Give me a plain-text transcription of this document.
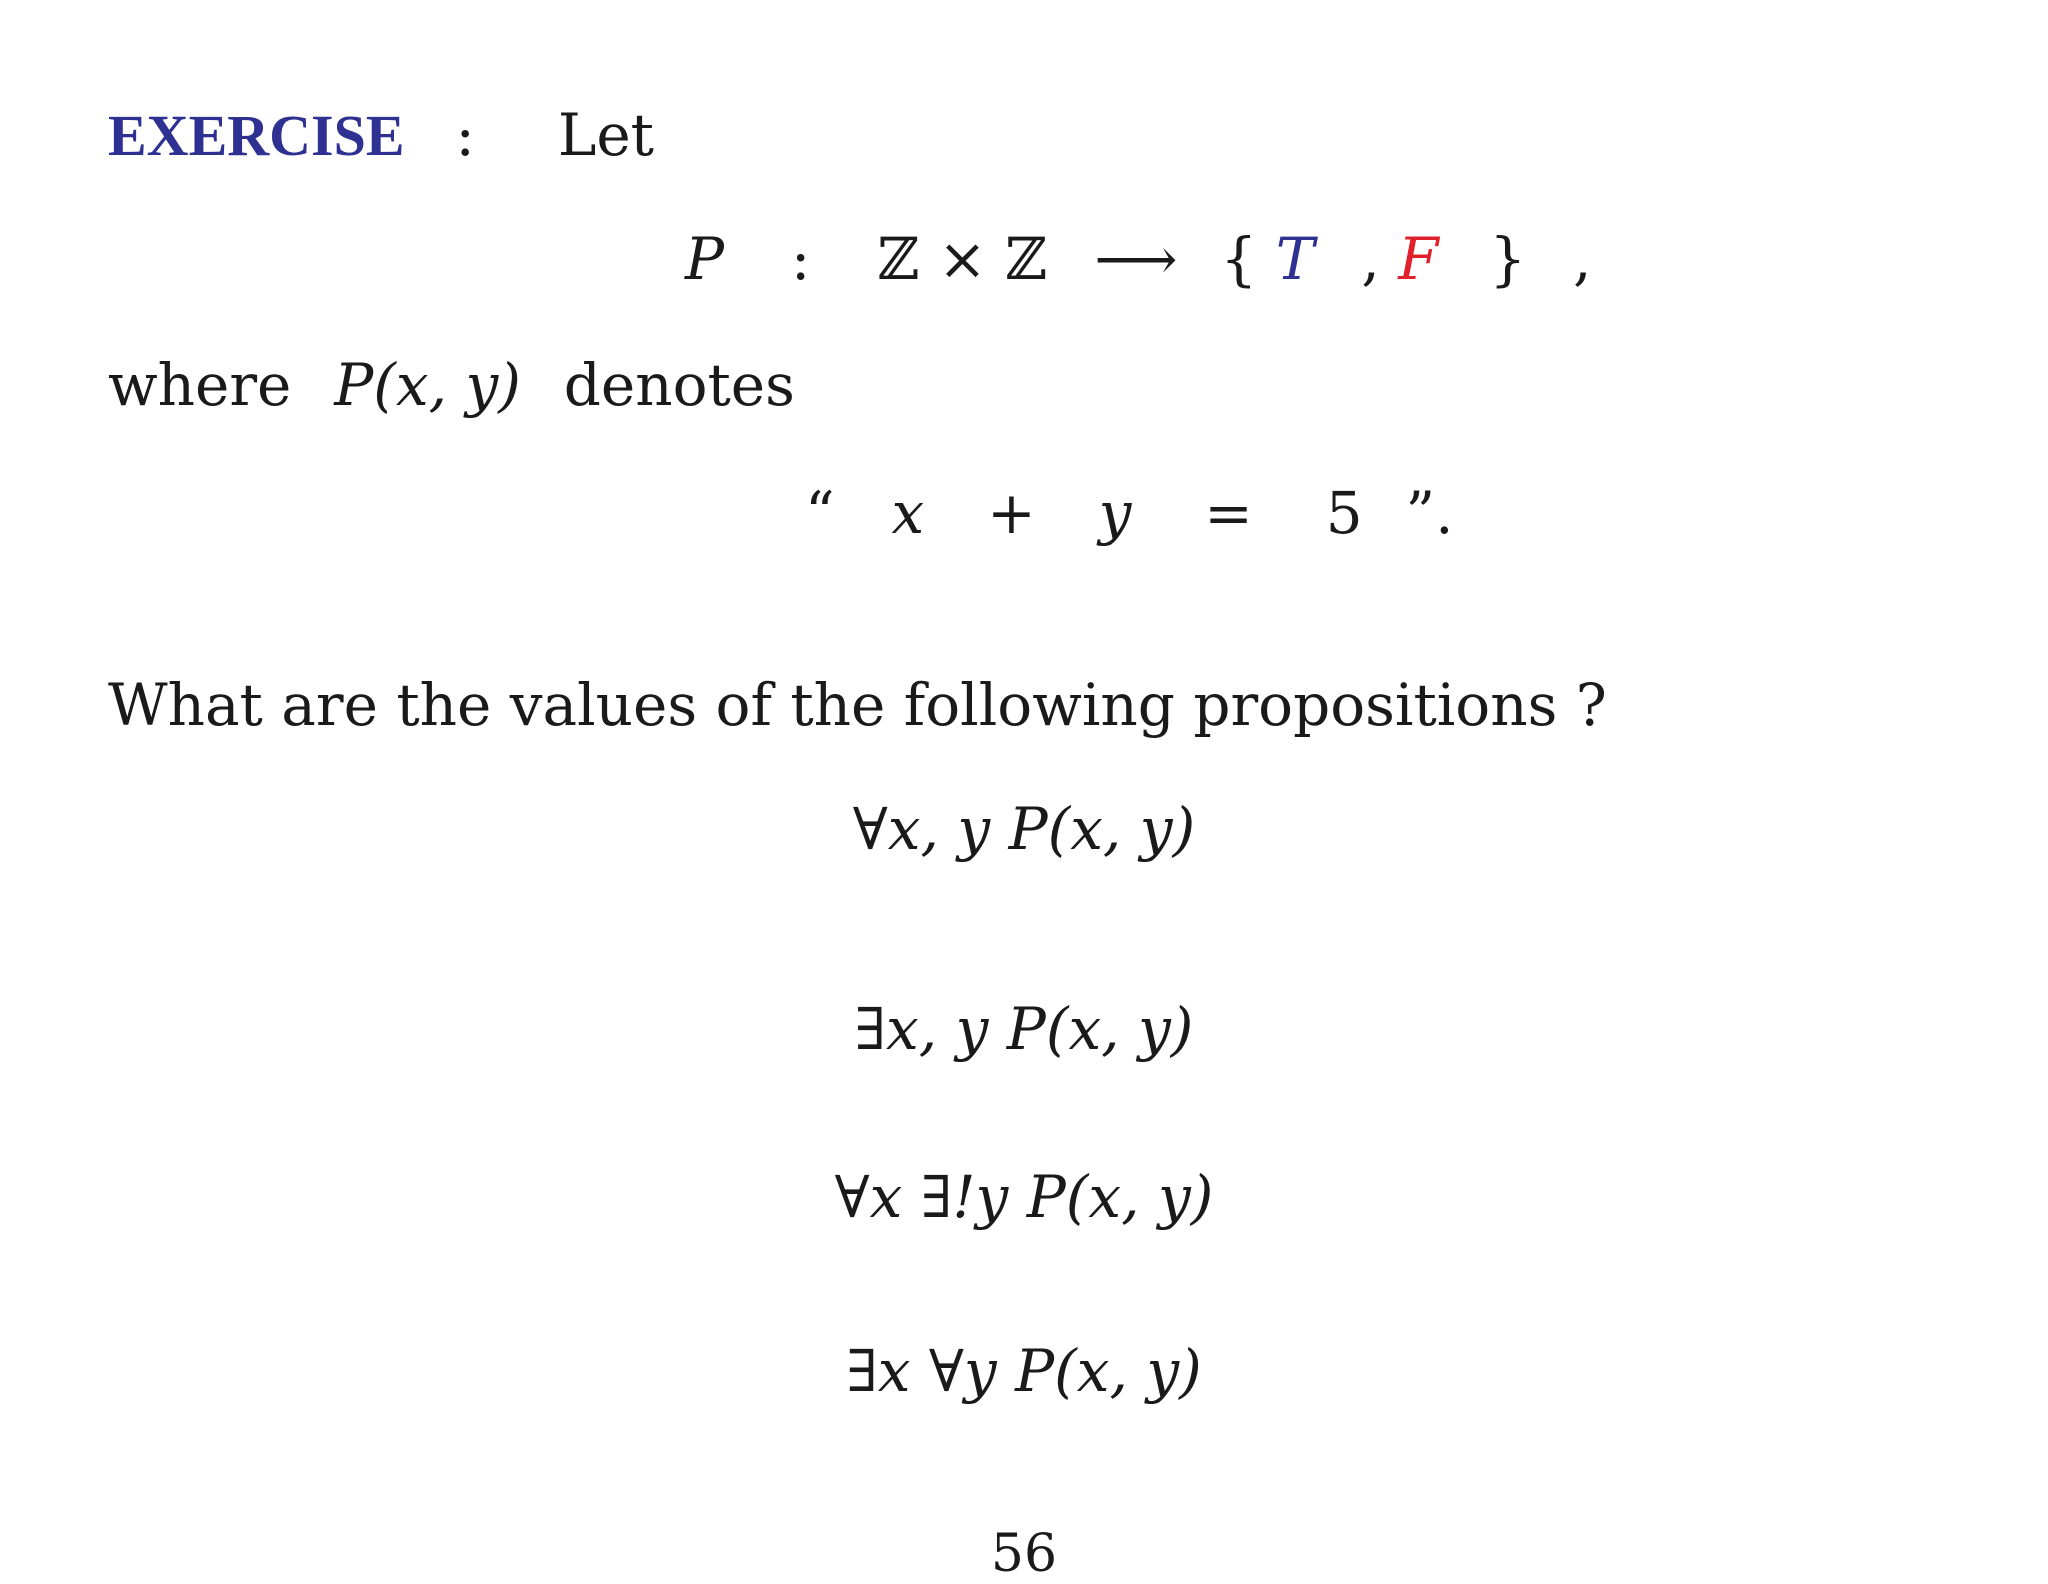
EXERCISE : Let
P : ℤ × ℤ ⟶ { T , F } ,
where P(x, y) denotes
“ x + y = 5 ”.
What are the values of the following propositions ?
∀x, y P(x, y)
∃x, y P(x, y)
∀x ∃!y P(x, y)
∃x ∀y P(x, y)
56
